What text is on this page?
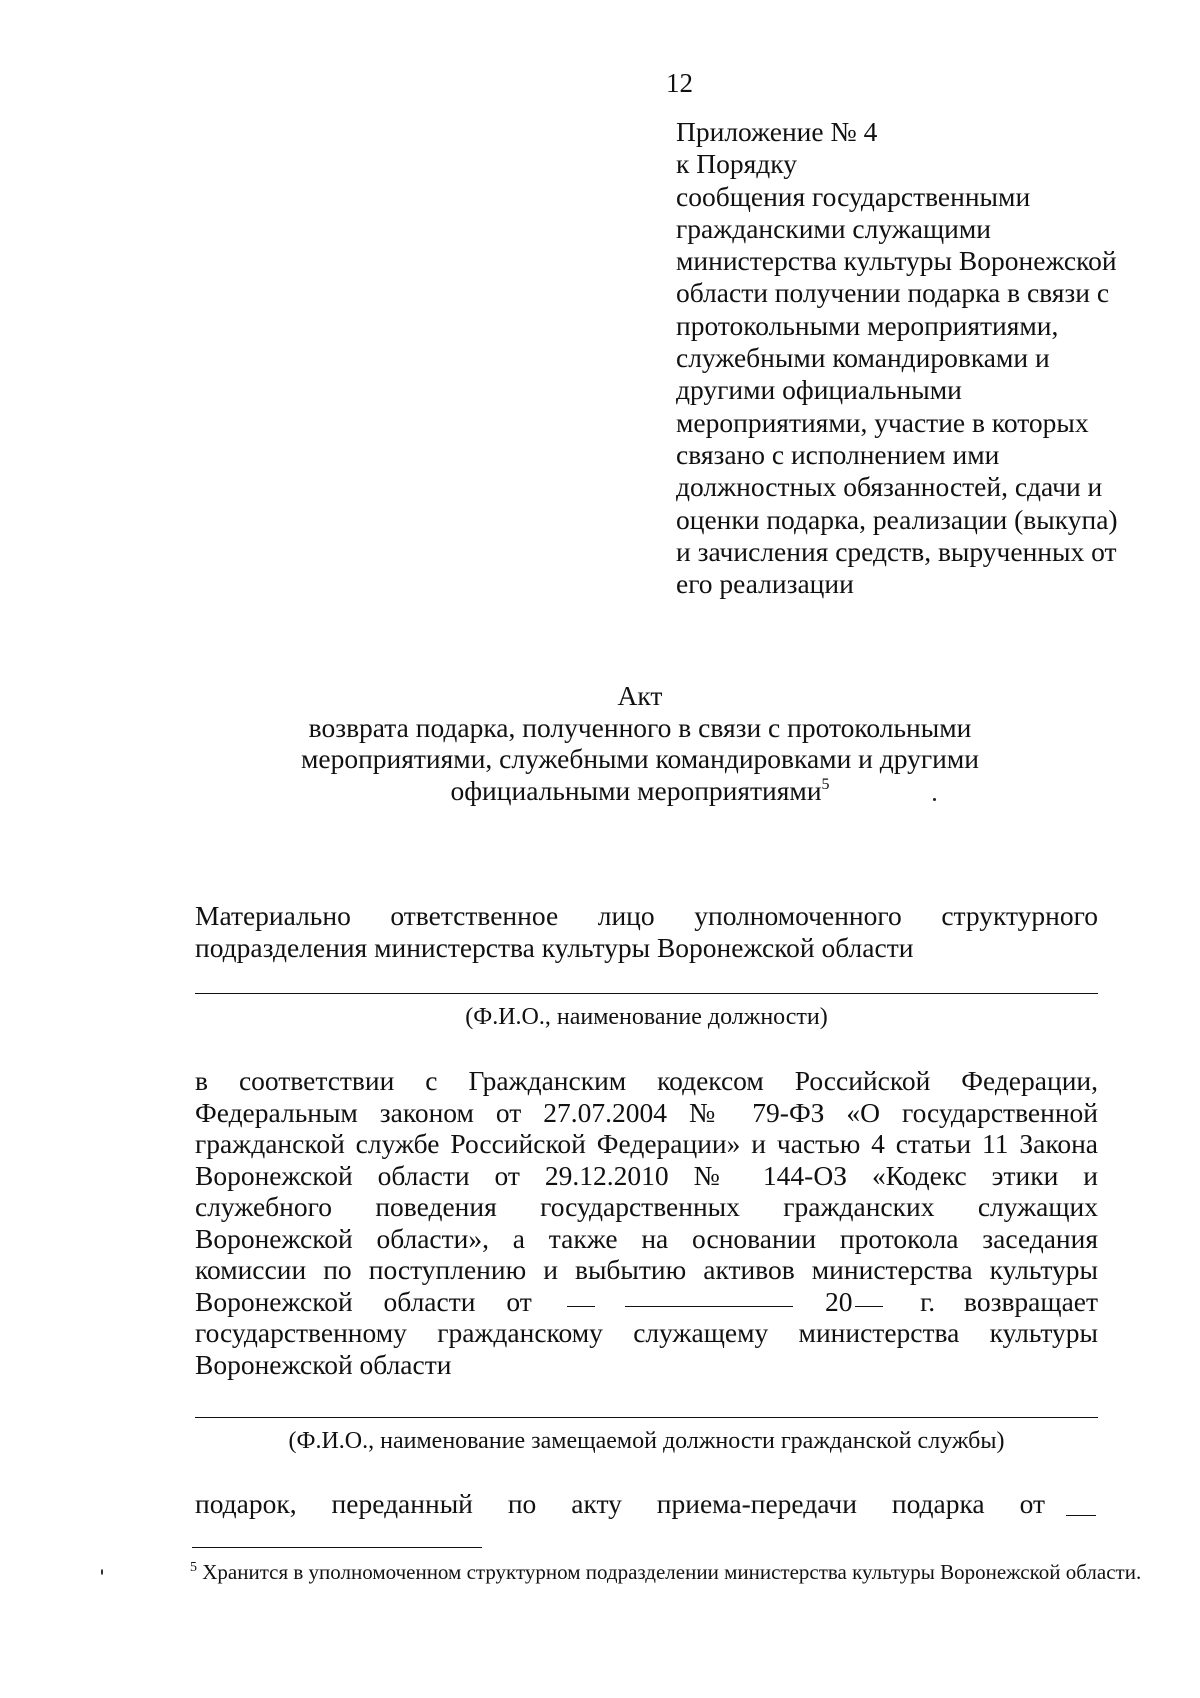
12
Приложение № 4
к Порядку
сообщения государственными
гражданскими служащими
министерства культуры Воронежской
области получении подарка в связи с
протокольными мероприятиями,
служебными командировками и
другими официальными
мероприятиями, участие в которых
связано с исполнением ими
должностных обязанностей, сдачи и
оценки подарка, реализации (выкупа)
и зачисления средств, вырученных от
его реализации
Акт
возврата подарка, полученного в связи с протокольными
мероприятиями, служебными командировками и другими
официальными мероприятиями$^5$
Материально ответственное лицо уполномоченного структурного
подразделения министерства культуры Воронежской области
(Ф.И.О., наименование должности)
в соответствии с Гражданским кодексом Российской Федерации,
Федеральным законом от 27.07.2004 № 79-ФЗ «О государственной
гражданской службе Российской Федерации» и частью 4 статьи 11 Закона
Воронежской области от 29.12.2010 № 144-ОЗ «Кодекс этики и
служебного поведения государственных гражданских служащих
Воронежской области», а также на основании протокола заседания
комиссии по поступлению и выбытию активов министерства культуры
Воронежской области от	20 г. возвращает
государственному гражданскому служащему министерства культуры
Воронежской области
(Ф.И.О., наименование замещаемой должности гражданской службы)
подарок, переданный по акту приема-передачи подарка от
$^5$ Хранится в уполномоченном структурном подразделении министерства культуры Воронежской области.
